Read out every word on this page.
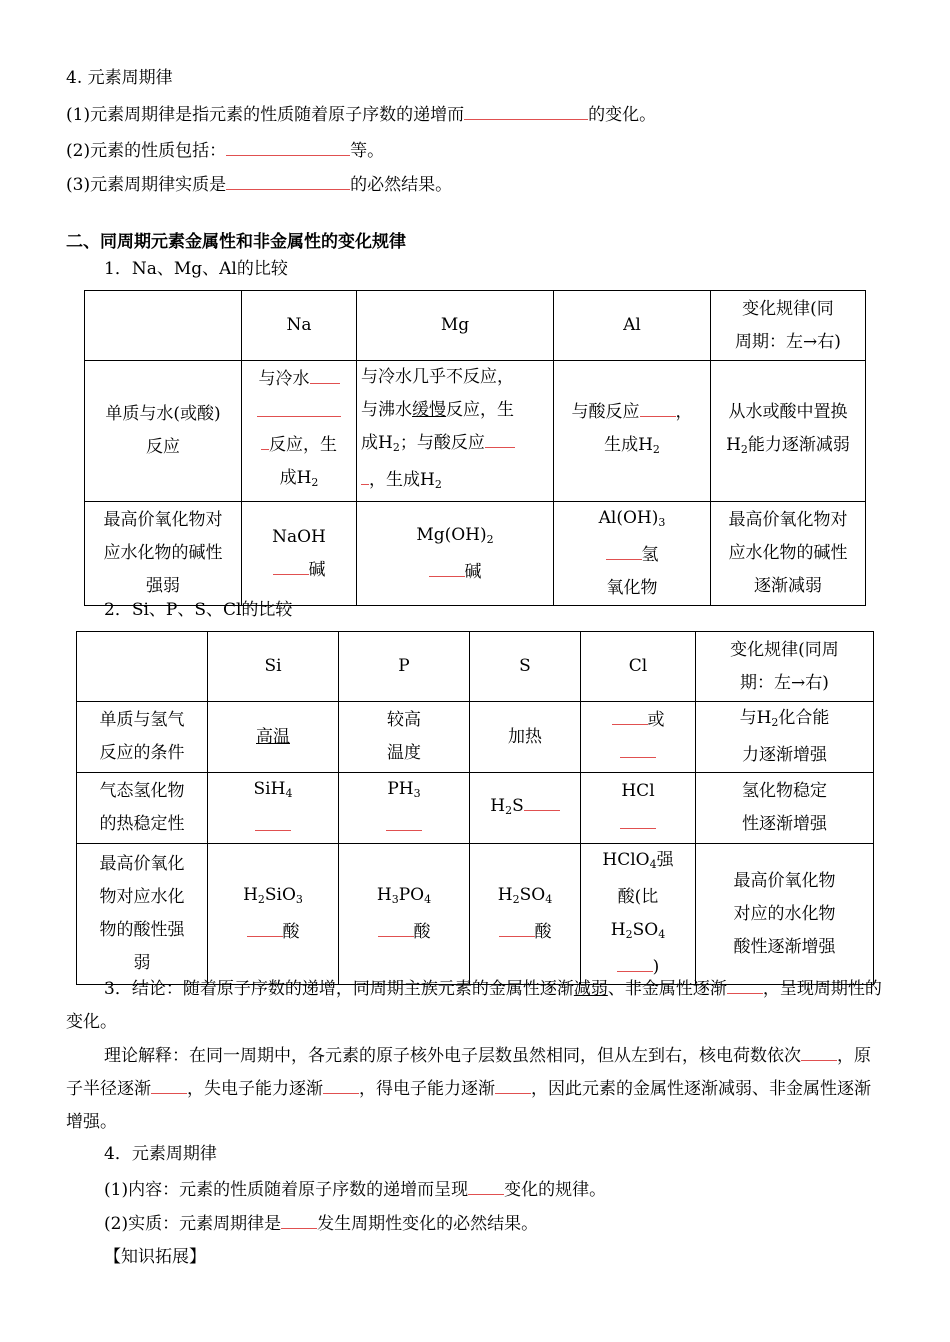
4. 元素周期律
(1)元素周期律是指元素的性质随着原子序数的递增而	的变化。
(2)元素的性质包括：	等。
(3)元素周期律实质是	的必然结果。
二、同周期元素金属性和非金属性的变化规律
1．Na、Mg、Al的比较
	Na	Mg	Al	变化规律(同
周期：左→右)
单质与水(或酸)
反应	与冷水

反应，生
成$H_2$	与冷水几乎不反应，
与沸水缓慢反应，生
成$H_2$；与酸反应
，生成$H_2$	与酸反应 ，
生成$H_2$	从水或酸中置换
$H_2$能力逐渐减弱
最高价氧化物对
应水化物的碱性
强弱	NaOH
碱	$Mg(OH)_2$
碱	$Al(OH)_3$
氢
氧化物	最高价氧化物对
应水化物的碱性
逐渐减弱
2．Si、P、S、Cl的比较
	Si	P	S	Cl	变化规律(同周
期：左→右)
单质与氢气
反应的条件	高温	较高
温度	加热	或	与$H_2$化合能
力逐渐增强
气态氢化物
的热稳定性	SiH$_4$	$PH_3$	$H_2S$	HCl	氢化物稳定
性逐渐增强
最高价氧化
物对应水化
物的酸性强
弱	$H_2SiO_3$
酸	$H_3PO_4$
酸	$H_2SO_4$
酸	HClO$_4$强
酸(比
$H_2SO_4$
)	最高价氧化物
对应的水化物
酸性逐渐增强
3．结论：随着原子序数的递增，同周期主族元素的金属性逐渐减弱、非金属性逐渐 ，呈现周期性的变化。
理论解释：在同一周期中，各元素的原子核外电子层数虽然相同，但从左到右，核电荷数依次 ，原子半径逐渐 ，失电子能力逐渐 ，得电子能力逐渐 ，因此元素的金属性逐渐减弱、非金属性逐渐增强。
4．元素周期律
(1)内容：元素的性质随着原子序数的递增而呈现 变化的规律。
(2)实质：元素周期律是 发生周期性变化的必然结果。
【知识拓展】
